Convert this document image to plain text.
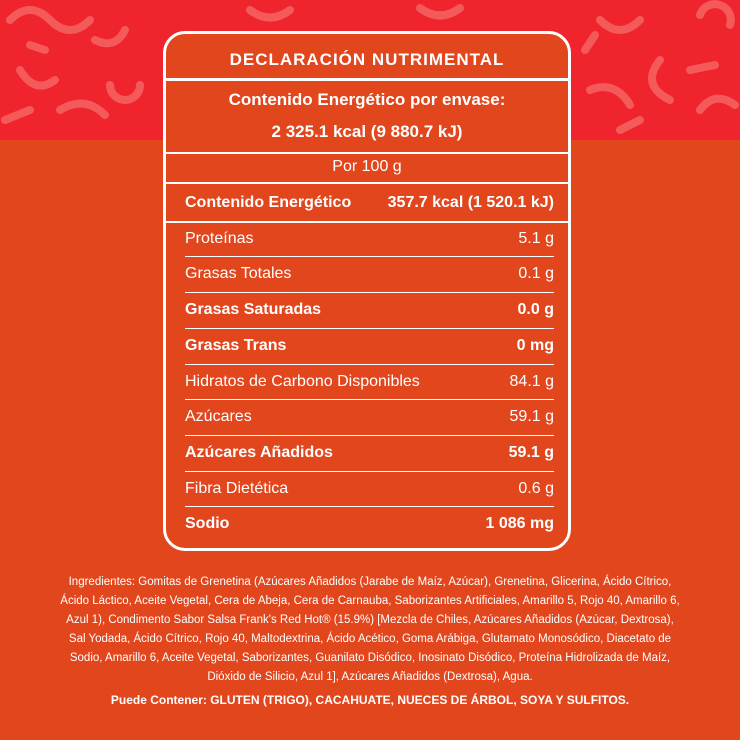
DECLARACIÓN NUTRIMENTAL
Contenido Energético por envase:
2 325.1 kcal (9 880.7 kJ)
Por 100 g
Contenido Energético 357.7 kcal (1 520.1 kJ)
Proteínas	5.1 g
Grasas Totales	0.1 g
Grasas Saturadas	0.0 g
Grasas Trans	0 mg
Hidratos de Carbono Disponibles	84.1 g
Azúcares	59.1 g
Azúcares Añadidos	59.1 g
Fibra Dietética	0.6 g
Sodio	1 086 mg
Ingredientes: Gomitas de Grenetina (Azúcares Añadidos (Jarabe de Maíz, Azúcar), Grenetina, Glicerina, Ácido Cítrico, Ácido Láctico, Aceite Vegetal, Cera de Abeja, Cera de Carnauba, Saborizantes Artificiales, Amarillo 5, Rojo 40, Amarillo 6, Azul 1), Condimento Sabor Salsa Frank's Red Hot® (15.9%) [Mezcla de Chiles, Azúcares Añadidos (Azúcar, Dextrosa), Sal Yodada, Ácido Cítrico, Rojo 40, Maltodextrina, Ácido Acético, Goma Arábiga, Glutamato Monosódico, Diacetato de Sodio, Amarillo 6, Aceite Vegetal, Saborizantes, Guanilato Disódico, Inosinato Disódico, Proteína Hidrolizada de Maíz, Dióxido de Silicio, Azul 1], Azúcares Añadidos (Dextrosa), Agua.
Puede Contener: GLUTEN (TRIGO), CACAHUATE, NUECES DE ÁRBOL, SOYA Y SULFITOS.
